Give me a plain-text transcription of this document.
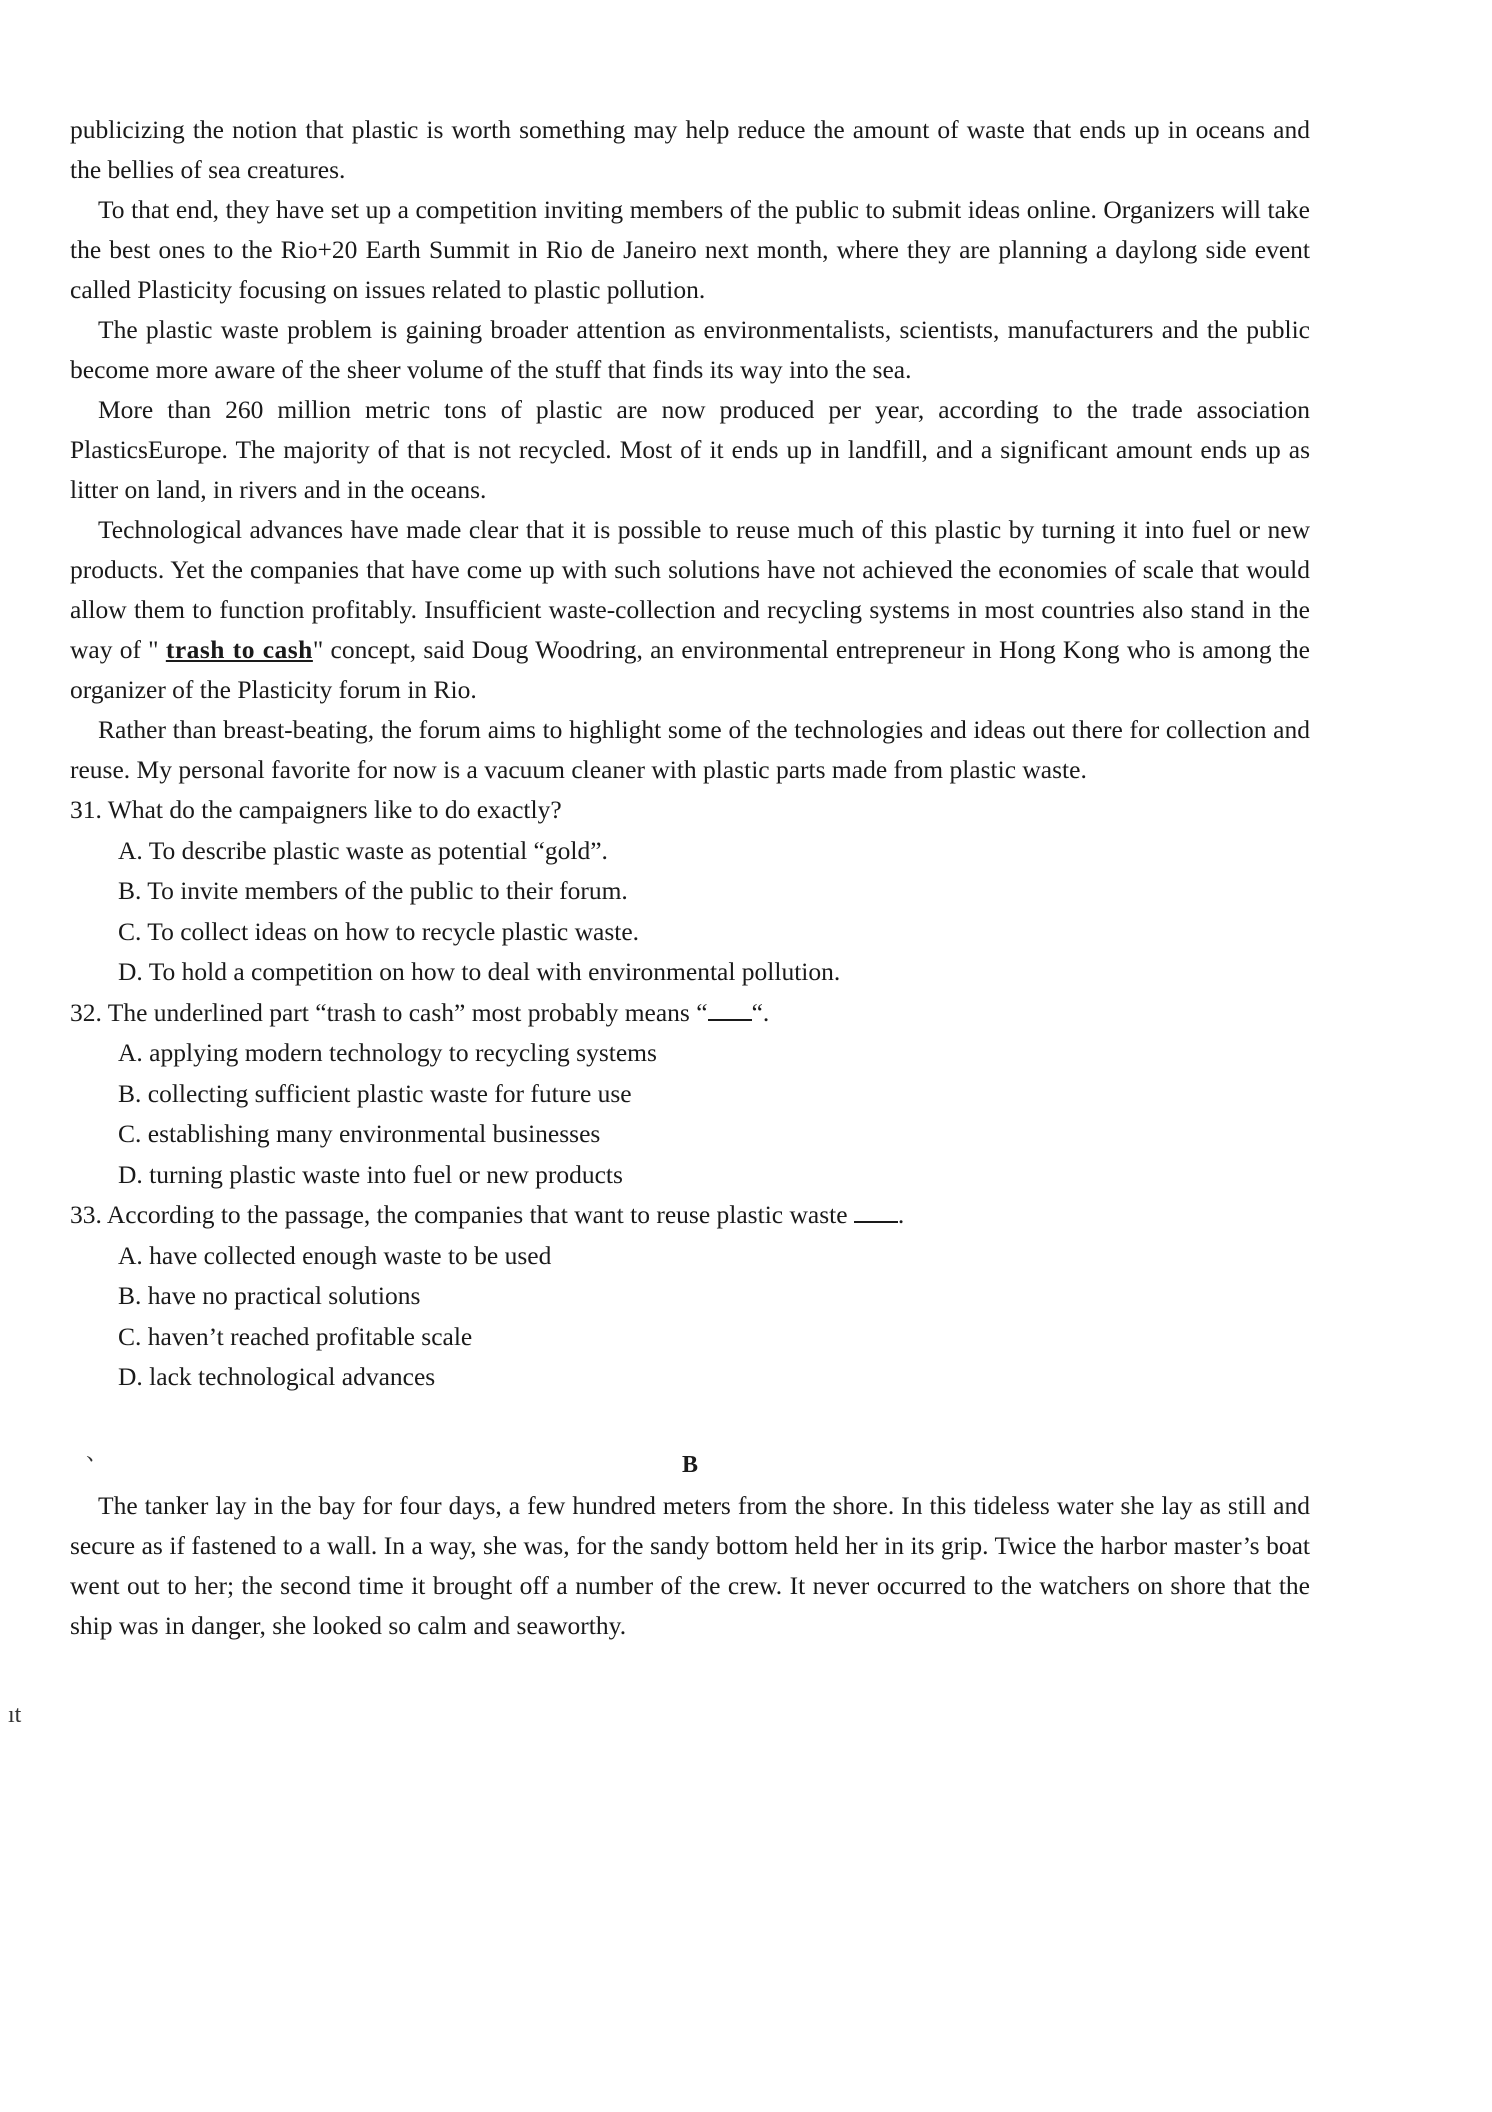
publicizing the notion that plastic is worth something may help reduce the amount of waste that ends up in oceans and the bellies of sea creatures.

To that end, they have set up a competition inviting members of the public to submit ideas online. Organizers will take the best ones to the Rio+20 Earth Summit in Rio de Janeiro next month, where they are planning a daylong side event called Plasticity focusing on issues related to plastic pollution.

The plastic waste problem is gaining broader attention as environmentalists, scientists, manufacturers and the public become more aware of the sheer volume of the stuff that finds its way into the sea.

More than 260 million metric tons of plastic are now produced per year, according to the trade association PlasticsEurope. The majority of that is not recycled. Most of it ends up in landfill, and a significant amount ends up as litter on land, in rivers and in the oceans.

Technological advances have made clear that it is possible to reuse much of this plastic by turning it into fuel or new products. Yet the companies that have come up with such solutions have not achieved the economies of scale that would allow them to function profitably. Insufficient waste-collection and recycling systems in most countries also stand in the way of " trash to cash" concept, said Doug Woodring, an environmental entrepreneur in Hong Kong who is among the organizer of the Plasticity forum in Rio.

Rather than breast-beating, the forum aims to highlight some of the technologies and ideas out there for collection and reuse. My personal favorite for now is a vacuum cleaner with plastic parts made from plastic waste.

31. What do the campaigners like to do exactly?

A. To describe plastic waste as potential “gold”.

B. To invite members of the public to their forum.

C. To collect ideas on how to recycle plastic waste.

D. To hold a competition on how to deal with environmental pollution.

32. The underlined part “trash to cash” most probably means “ “.

A. applying modern technology to recycling systems

B. collecting sufficient plastic waste for future use

C. establishing many environmental businesses

D. turning plastic waste into fuel or new products

33. According to the passage, the companies that want to reuse plastic waste .

A. have collected enough waste to be used

B. have no practical solutions

C. haven’t reached profitable scale

D. lack technological advances

B

The tanker lay in the bay for four days, a few hundred meters from the shore. In this tideless water she lay as still and secure as if fastened to a wall. In a way, she was, for the sandy bottom held her in its grip. Twice the harbor master’s boat went out to her; the second time it brought off a number of the crew. It never occurred to the watchers on shore that the ship was in danger, she looked so calm and seaworthy.

、
ıt
